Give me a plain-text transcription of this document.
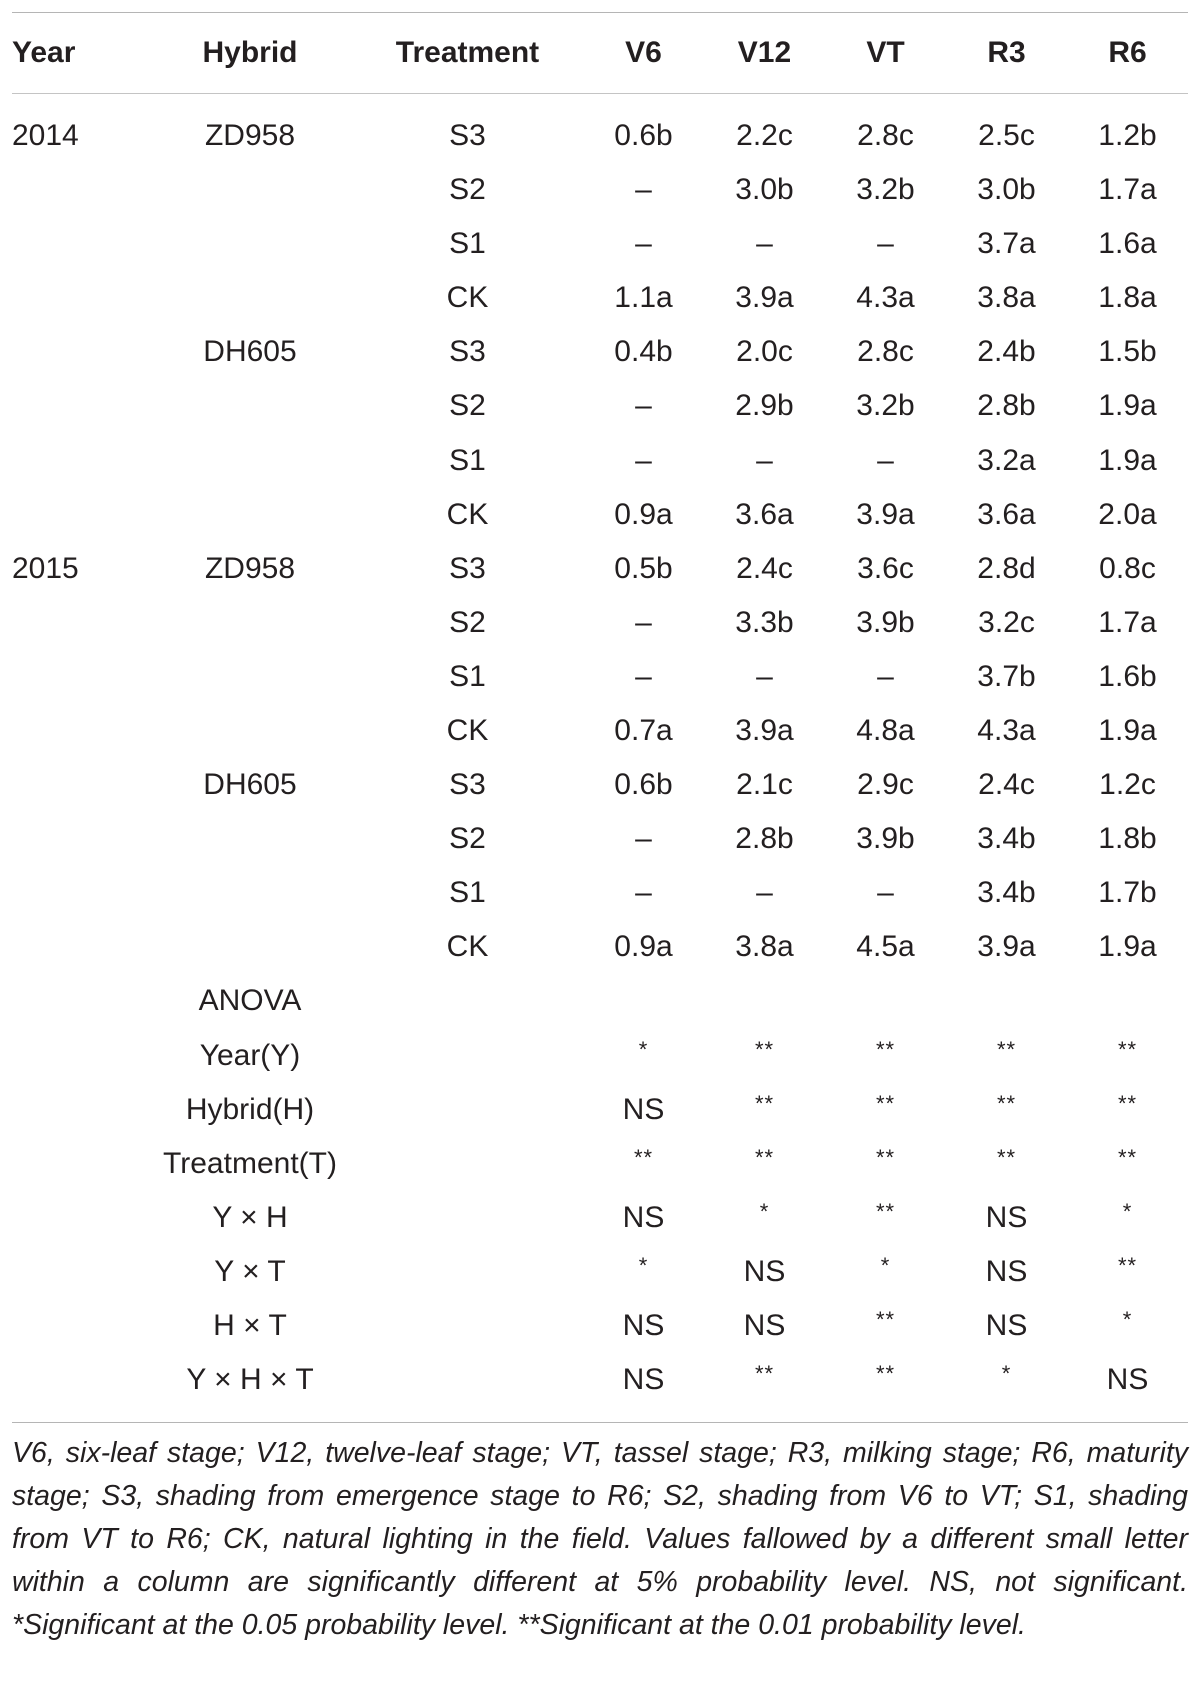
Year	Hybrid	Treatment	V6	V12	VT	R3	R6
2014	ZD958	S3	0.6b	2.2c	2.8c	2.5c	1.2b
		S2	–	3.0b	3.2b	3.0b	1.7a
		S1	–	–	–	3.7a	1.6a
		CK	1.1a	3.9a	4.3a	3.8a	1.8a
	DH605	S3	0.4b	2.0c	2.8c	2.4b	1.5b
		S2	–	2.9b	3.2b	2.8b	1.9a
		S1	–	–	–	3.2a	1.9a
		CK	0.9a	3.6a	3.9a	3.6a	2.0a
2015	ZD958	S3	0.5b	2.4c	3.6c	2.8d	0.8c
		S2	–	3.3b	3.9b	3.2c	1.7a
		S1	–	–	–	3.7b	1.6b
		CK	0.7a	3.9a	4.8a	4.3a	1.9a
	DH605	S3	0.6b	2.1c	2.9c	2.4c	1.2c
		S2	–	2.8b	3.9b	3.4b	1.8b
		S1	–	–	–	3.4b	1.7b
		CK	0.9a	3.8a	4.5a	3.9a	1.9a
	ANOVA						
	Year(Y)		*	**	**	**	**
	Hybrid(H)		NS	**	**	**	**
	Treatment(T)		**	**	**	**	**
	Y × H		NS	*	**	NS	*
	Y × T		*	NS	*	NS	**
	H × T		NS	NS	**	NS	*
	Y × H × T		NS	**	**	*	NS

V6, six-leaf stage; V12, twelve-leaf stage; VT, tassel stage; R3, milking stage; R6, maturity stage; S3, shading from emergence stage to R6; S2, shading from V6 to VT; S1, shading from VT to R6; CK, natural lighting in the field. Values fallowed by a different small letter within a column are significantly different at 5% probability level. NS, not significant. *Significant at the 0.05 probability level. **Significant at the 0.01 probability level.
